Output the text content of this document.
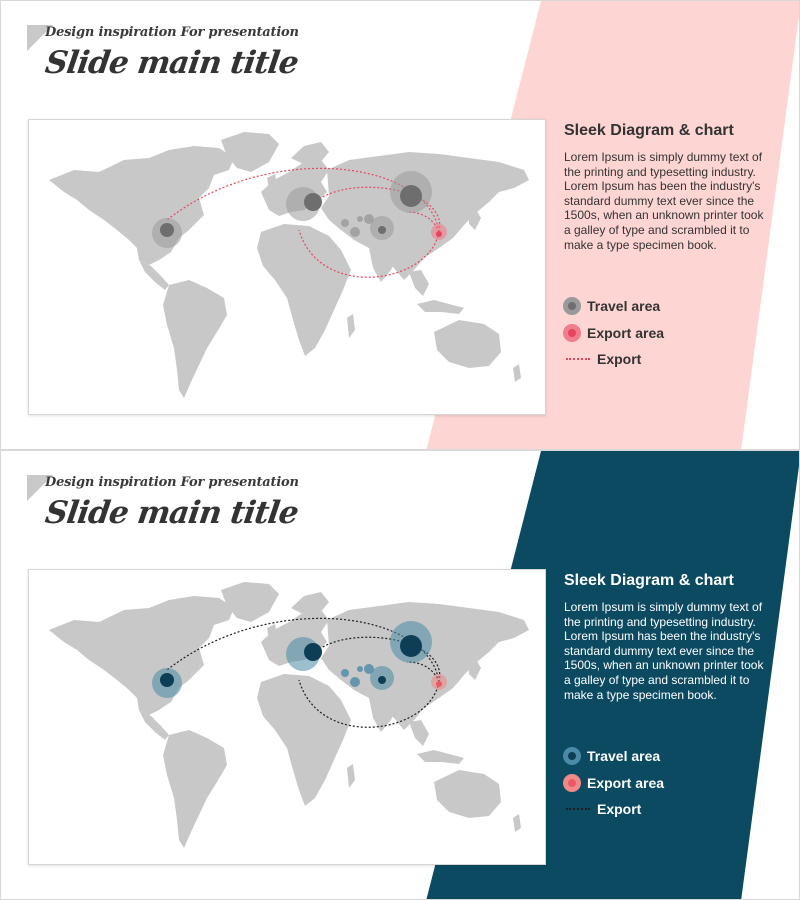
Design inspiration For presentation
Slide main title
Sleek Diagram & chart
Lorem Ipsum is simply dummy text of the printing and typesetting industry. Lorem Ipsum has been the industry's standard dummy text ever since the 1500s, when an unknown printer took a galley of type and scrambled it to make a type specimen book.
Travel area
Export area
Export
Design inspiration For presentation
Slide main title
Sleek Diagram & chart
Lorem Ipsum is simply dummy text of the printing and typesetting industry. Lorem Ipsum has been the industry's standard dummy text ever since the 1500s, when an unknown printer took a galley of type and scrambled it to make a type specimen book.
Travel area
Export area
Export
